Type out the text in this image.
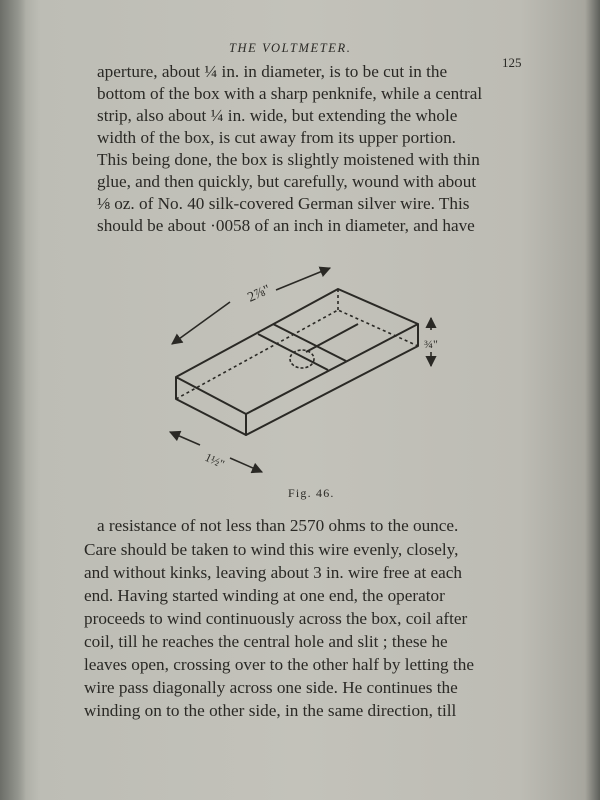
THE VOLTMETER.
125
aperture, about ¼ in. in diameter, is to be cut in the
bottom of the box with a sharp penknife, while a central
strip, also about ¼ in. wide, but extending the whole
width of the box, is cut away from its upper portion.
This being done, the box is slightly moistened with thin
glue, and then quickly, but carefully, wound with about
⅛ oz. of No. 40 silk-covered German silver wire. This
should be about ·0058 of an inch in diameter, and have
2⅞"
1½"
¾"
Fig. 46.
a resistance of not less than 2570 ohms to the ounce.
Care should be taken to wind this wire evenly, closely,
and without kinks, leaving about 3 in. wire free at each
end. Having started winding at one end, the operator
proceeds to wind continuously across the box, coil after
coil, till he reaches the central hole and slit ; these he
leaves open, crossing over to the other half by letting the
wire pass diagonally across one side. He continues the
winding on to the other side, in the same direction, till
